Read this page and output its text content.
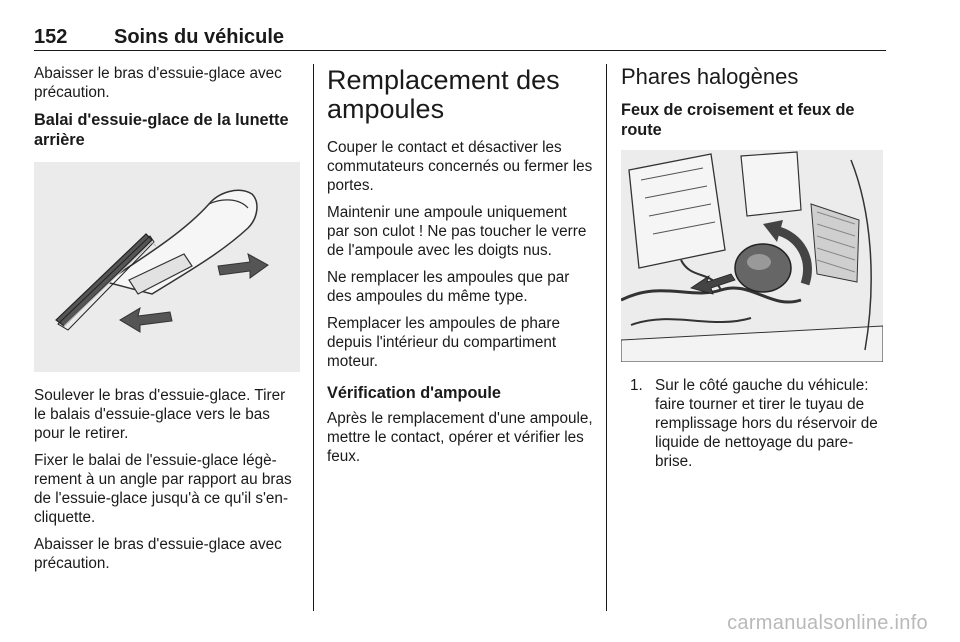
152 Soins du véhicule

Abaisser le bras d'essuie-glace avec précaution.

Balai d'essuie-glace de la lunette arrière

Soulever le bras d'essuie-glace. Tirer le balais d'essuie-glace vers le bas pour le retirer.

Fixer le balai de l'essuie-glace légèrement à un angle par rapport au bras de l'essuie-glace jusqu'à ce qu'il s'encliquette.

Abaisser le bras d'essuie-glace avec précaution.

Remplacement des ampoules

Couper le contact et désactiver les commutateurs concernés ou fermer les portes.

Maintenir une ampoule uniquement par son culot ! Ne pas toucher le verre de l'ampoule avec les doigts nus.

Ne remplacer les ampoules que par des ampoules du même type.

Remplacer les ampoules de phare depuis l'intérieur du compartiment moteur.

Vérification d'ampoule

Après le remplacement d'une ampoule, mettre le contact, opérer et vérifier les feux.

Phares halogènes
Feux de croisement et feux de route
1. Sur le côté gauche du véhicule: faire tourner et tirer le tuyau de remplissage hors du réservoir de liquide de nettoyage du pare-brise.
carmanualsonline.info
